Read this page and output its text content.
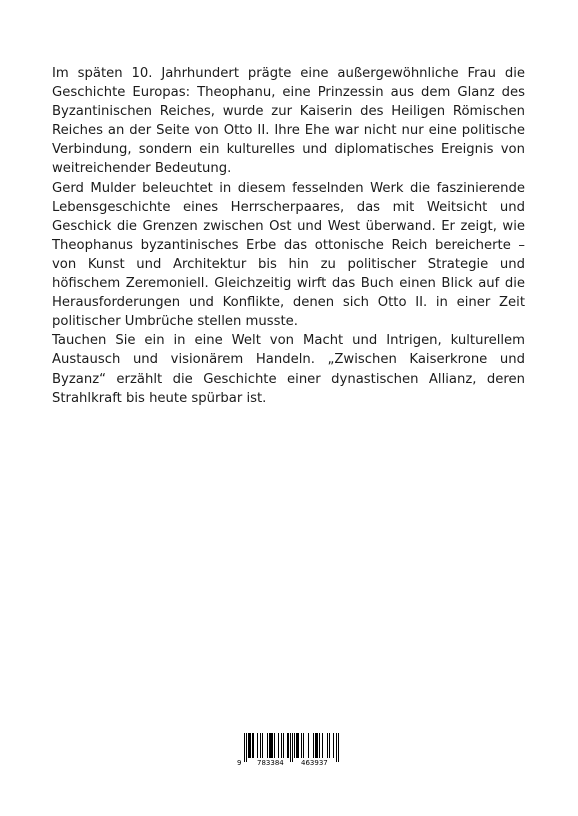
Im späten 10. Jahrhundert prägte eine außergewöhnliche Frau die Geschichte Europas: Theophanu, eine Prinzessin aus dem Glanz des Byzantinischen Reiches, wurde zur Kaiserin des Heiligen Römischen Reiches an der Seite von Otto II. Ihre Ehe war nicht nur eine politische Verbindung, sondern ein kulturelles und diplomatisches Ereignis von weitreichender Bedeutung.

Gerd Mulder beleuchtet in diesem fesselnden Werk die faszinierende Lebensgeschichte eines Herrscherpaares, das mit Weitsicht und Geschick die Grenzen zwischen Ost und West überwand. Er zeigt, wie Theophanus byzantinisches Erbe das ottonische Reich bereicherte – von Kunst und Architektur bis hin zu politischer Strategie und höfischem Zeremoniell. Gleichzeitig wirft das Buch einen Blick auf die Herausforderungen und Konflikte, denen sich Otto II. in einer Zeit politischer Umbrüche stellen musste.

Tauchen Sie ein in eine Welt von Macht und Intrigen, kulturellem Austausch und visionärem Handeln. „Zwischen Kaiserkrone und Byzanz“ erzählt die Geschichte einer dynastischen Allianz, deren Strahlkraft bis heute spürbar ist.

9 783384 463937
